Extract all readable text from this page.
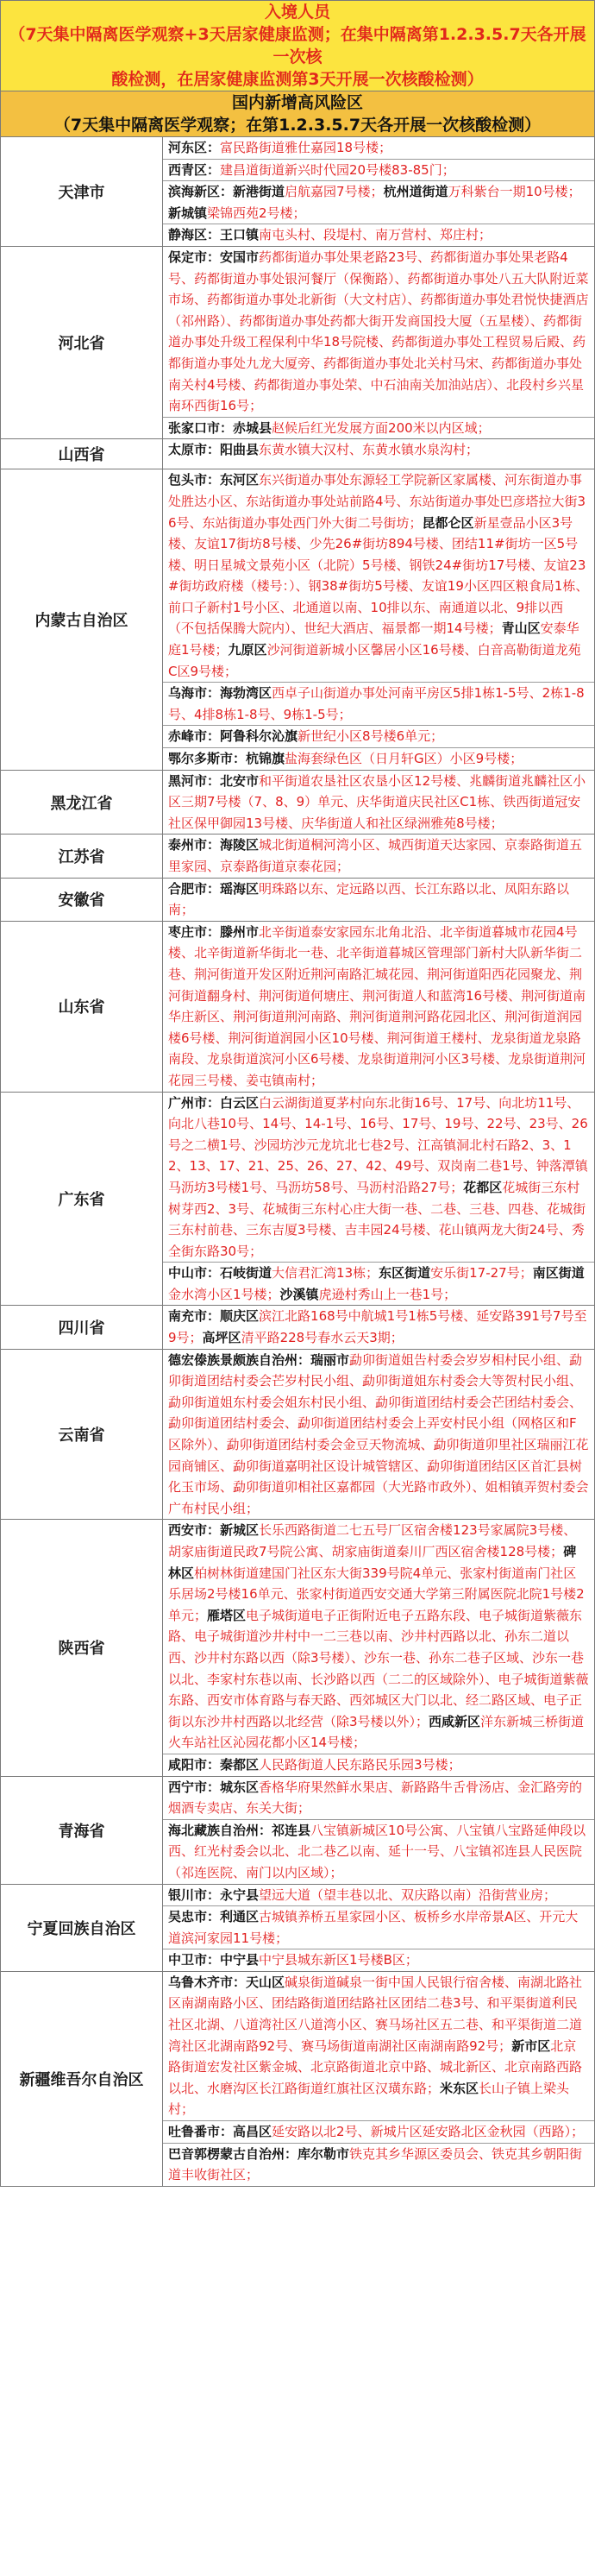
入境人员
（7天集中隔离医学观察+3天居家健康监测；在集中隔离第1.2.3.5.7天各开展一次核
酸检测，在居家健康监测第3天开展一次核酸检测）
国内新增高风险区
（7天集中隔离医学观察；在第1.2.3.5.7天各开展一次核酸检测）
天津市
河东区：富民路街道雅仕嘉园18号楼；
西青区：建昌道街道新兴时代园20号楼83-85门；
滨海新区：新港街道启航嘉园7号楼；杭州道街道万科紫台一期10号楼；新城镇梁锦西苑2号楼；
静海区：王口镇南屯头村、段堤村、南万营村、郑庄村；
河北省
保定市：安国市药都街道办事处果老路23号、药都街道办事处果老路4号、药都街道办事处银河餐厅（保衡路）、药都街道办事处八五大队附近菜市场、药都街道办事处北新街（大文村店）、药都街道办事处君悦快捷酒店（祁州路）、药都街道办事处药都大街开发商国投大厦（五星楼）、药都街道办事处升级工程保利中华18号院楼、药都街道办事处工程贸易后殿、药都街道办事处九龙大厦旁、药都街道办事处北关村马宋、药都街道办事处南关村4号楼、药都街道办事处荣、中石油南关加油站店）、北段村乡兴星南环西街16号；
张家口市：赤城县赵候后红光发展方面200米以内区域；
山西省	太原市：阳曲县东黄水镇大汉村、东黄水镇水泉沟村；
内蒙古自治区
包头市：东河区东兴街道办事处东源轻工学院新区家属楼、河东街道办事处胜达小区、东站街道办事处站前路4号、东站街道办事处巴彦塔拉大街36号、东站街道办事处西门外大街二号街坊；昆都仑区新星壹品小区3号楼、友谊17街坊8号楼、少先26#街坊894号楼、团结11#街坊一区5号楼、明日星城文景苑小区（北院）5号楼、钢铁24#街坊17号楼、友谊23#街坊政府楼（楼号：）、钢38#街坊5号楼、友谊19小区四区粮食局1栋、前口子新村1号小区、北通道以南、10排以东、南通道以北、9排以西（不包括保腾大院内）、世纪大酒店、福景都一期14号楼；青山区安泰华庭1号楼；九原区沙河街道新城小区馨居小区16号楼、白音高勒街道龙苑C区9号楼；
乌海市：海勃湾区西卓子山街道办事处河南平房区5排1栋1-5号、2栋1-8号、4排8栋1-8号、9栋1-5号；
赤峰市：阿鲁科尔沁旗新世纪小区8号楼6单元；
鄂尔多斯市：杭锦旗盐海套绿色区（日月轩G区）小区9号楼；
黑龙江省
黑河市：北安市和平街道农垦社区农垦小区12号楼、兆麟街道兆麟社区小区三期7号楼（7、8、9）单元、庆华街道庆民社区C1栋、铁西街道冠安社区保甲御园13号楼、庆华街道人和社区绿洲雅苑8号楼；
江苏省
泰州市：海陵区城北街道桐河湾小区、城西街道天达家园、京泰路街道五里家园、京泰路街道京泰花园；
安徽省
合肥市：瑶海区明珠路以东、定远路以西、长江东路以北、凤阳东路以南；
山东省
枣庄市：滕州市北辛街道泰安家园东北角北沿、北辛街道暮城市花园4号楼、北辛街道新华街北一巷、北辛街道暮城区管理部门新村大队新华街二巷、荆河街道开发区附近荆河南路汇城花园、荆河街道阳西花园聚龙、荆河街道翻身村、荆河街道何塘庄、荆河街道人和蓝湾16号楼、荆河街道南华庄新区、荆河街道荆河南路、荆河街道荆河路花园北区、荆河街道润园楼6号楼、荆河街道润园小区10号楼、荆河街道王楼村、龙泉街道龙泉路南段、龙泉街道滨河小区6号楼、龙泉街道荆河小区3号楼、龙泉街道荆河花园三号楼、姜屯镇南村；
广东省
广州市：白云区白云湖街道夏茅村向东北街16号、17号、向北坊11号、向北八巷10号、14号、14-1号、16号、17号、19号、22号、23号、26号之二横1号、沙园坊沙元龙坑北七巷2号、江高镇洞北村石路2、3、12、13、17、21、25、26、27、42、49号、双岗南二巷1号、钟落潭镇马沥坊3号楼1号、马沥坊58号、马沥村沿路27号；花都区花城街三东村树芽西2、3号、花城街三东村心庄大街一巷、二巷、三巷、四巷、花城街三东村前巷、三东吉厦3号楼、吉丰园24号楼、花山镇两龙大街24号、秀全街东路30号；
中山市：石岐街道大信君汇湾13栋；东区街道安乐街17-27号；南区街道金水湾小区1号楼；沙溪镇虎逊村秀山上一巷1号；
四川省
南充市：顺庆区滨江北路168号中航城1号1栋5号楼、延安路391号7号至9号；高坪区清平路228号春水云天3期；
云南省
德宏傣族景颇族自治州：瑞丽市勐卯街道姐告村委会岁岁相村民小组、勐卯街道团结村委会芒岁村民小组、勐卯街道姐东村委会大等贺村民小组、勐卯街道姐东村委会姐东村民小组、勐卯街道团结村委会芒团结村委会、勐卯街道团结村委会、勐卯街道团结村委会上弄安村民小组（网格区和F区除外）、勐卯街道团结村委会金豆天物流城、勐卯街道卯里社区瑞丽江花园商铺区、勐卯街道嘉明社区设计城管辖区、勐卯街道团结区区首汇县树化玉市场、勐卯街道卯相社区嘉都园（大光路市政外）、姐相镇弄贺村委会广布村民小组；
陕西省
西安市：新城区长乐西路街道二七五号厂区宿舍楼123号家属院3号楼、胡家庙街道民政7号院公寓、胡家庙街道秦川厂西区宿舍楼128号楼；碑林区柏树林街道建国门社区东大街339号院4单元、张家村街道南门社区乐居场2号楼16单元、张家村街道西安交通大学第三附属医院北院1号楼2单元；雁塔区电子城街道电子正街附近电子五路东段、电子城街道紫薇东路、电子城街道沙井村中一二三巷以南、沙井村西路以北、孙东二道以西、沙井村东路以西（除3号楼）、沙东一巷、孙东二巷子区域、沙东一巷以北、李家村东巷以南、长沙路以西（二二的区域除外）、电子城街道紫薇东路、西安市体育路与春天路、西郊城区大门以北、经二路区域、电子正街以东沙井村西路以北经营（除3号楼以外）；西咸新区洋东新城三桥街道火车站社区沁园花都小区14号楼；
咸阳市：秦都区人民路街道人民东路民乐园3号楼；
青海省
西宁市：城东区香格华府果然鲜水果店、新路路牛舌骨汤店、金汇路旁的烟酒专卖店、东关大街；
海北藏族自治州：祁连县八宝镇新城区10号公寓、八宝镇八宝路延伸段以西、红光村委会以北、北二巷乙以南、延十一号、八宝镇祁连县人民医院（祁连医院、南门以内区域）；
宁夏回族自治区
银川市：永宁县望远大道（望丰巷以北、双庆路以南）沿街营业房；
吴忠市：利通区古城镇养桥五星家园小区、板桥乡水岸帝景A区、开元大道滨河家园11号楼；
中卫市：中宁县中宁县城东新区1号楼B区；
新疆维吾尔自治区
乌鲁木齐市：天山区碱泉街道碱泉一街中国人民银行宿舍楼、南湖北路社区南湖南路小区、团结路街道团结路社区团结二巷3号、和平渠街道利民社区北湖、八道湾社区八道湾小区、赛马场社区五二巷、和平渠街道二道湾社区北湖南路92号、赛马场街道南湖社区南湖南路92号；新市区北京路街道宏发社区紫金城、北京路街道北京中路、城北新区、北京南路西路以北、水磨沟区长江路街道红旗社区汉璜东路；米东区长山子镇上梁头村；
吐鲁番市：高昌区延安路以北2号、新城片区延安路北区金秋园（西路）；
巴音郭楞蒙古自治州：库尔勒市铁克其乡华源区委员会、铁克其乡朝阳街道丰收街社区；
